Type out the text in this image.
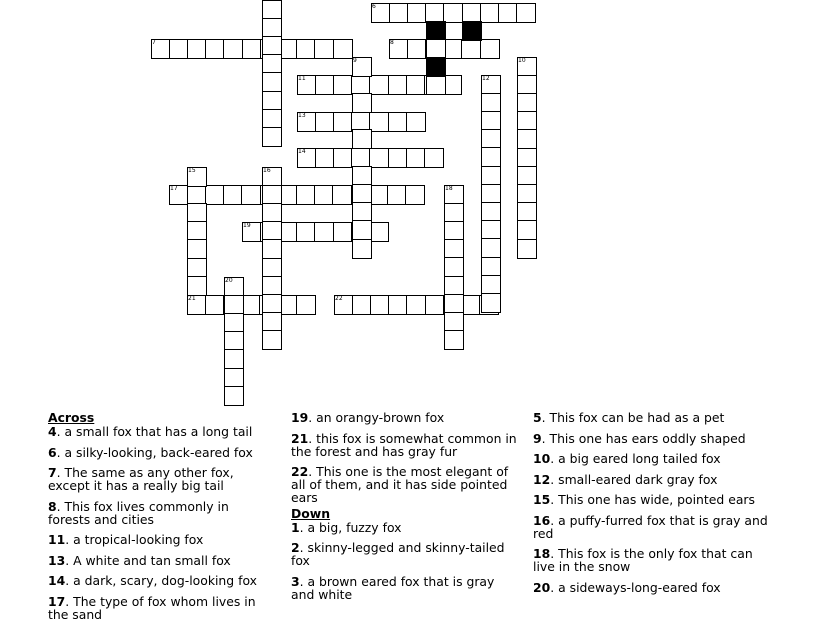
6
7	8
9	10
11	12
13
14
15	16
17	18
19
20
21	22
Across
4. a small fox that has a long tail
6. a silky-looking, back-eared fox
7. The same as any other fox, except it has a really big tail
8. This fox lives commonly in forests and cities
11. a tropical-looking fox
13. A white and tan small fox
14. a dark, scary, dog-looking fox
17. The type of fox whom lives in the sand
19. an orangy-brown fox
21. this fox is somewhat common in the forest and has gray fur
22. This one is the most elegant of all of them, and it has side pointed ears
Down
1. a big, fuzzy fox
2. skinny-legged and skinny-tailed fox
3. a brown eared fox that is gray and white
5. This fox can be had as a pet
9. This one has ears oddly shaped
10. a big eared long tailed fox
12. small-eared dark gray fox
15. This one has wide, pointed ears
16. a puffy-furred fox that is gray and red
18. This fox is the only fox that can live in the snow
20. a sideways-long-eared fox
